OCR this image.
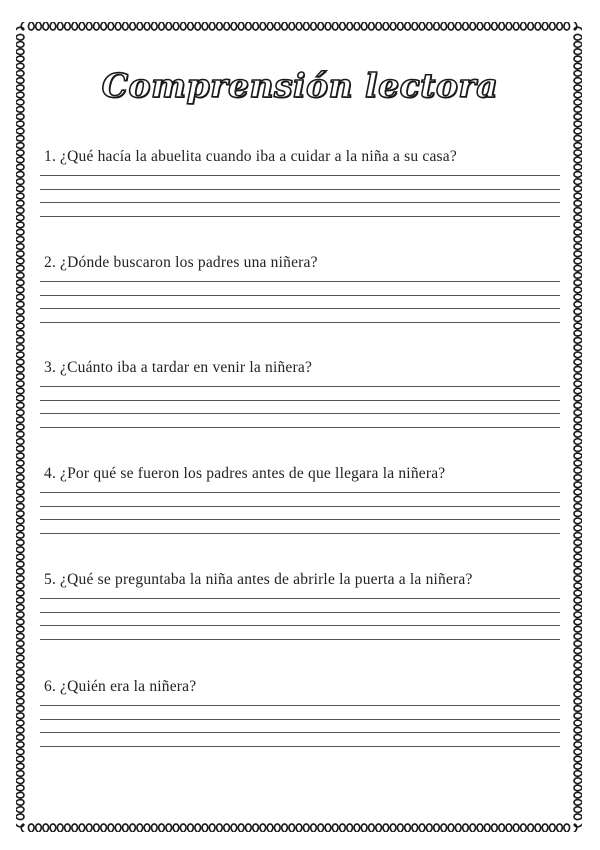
Comprensión lectora
1. ¿Qué hacía la abuelita cuando iba a cuidar a la niña a su casa?
2. ¿Dónde buscaron los padres una niñera?
3. ¿Cuánto iba a tardar en venir la niñera?
4. ¿Por qué se fueron los padres antes de que llegara la niñera?
5. ¿Qué se preguntaba la niña antes de abrirle la puerta a la niñera?
6. ¿Quién era la niñera?
